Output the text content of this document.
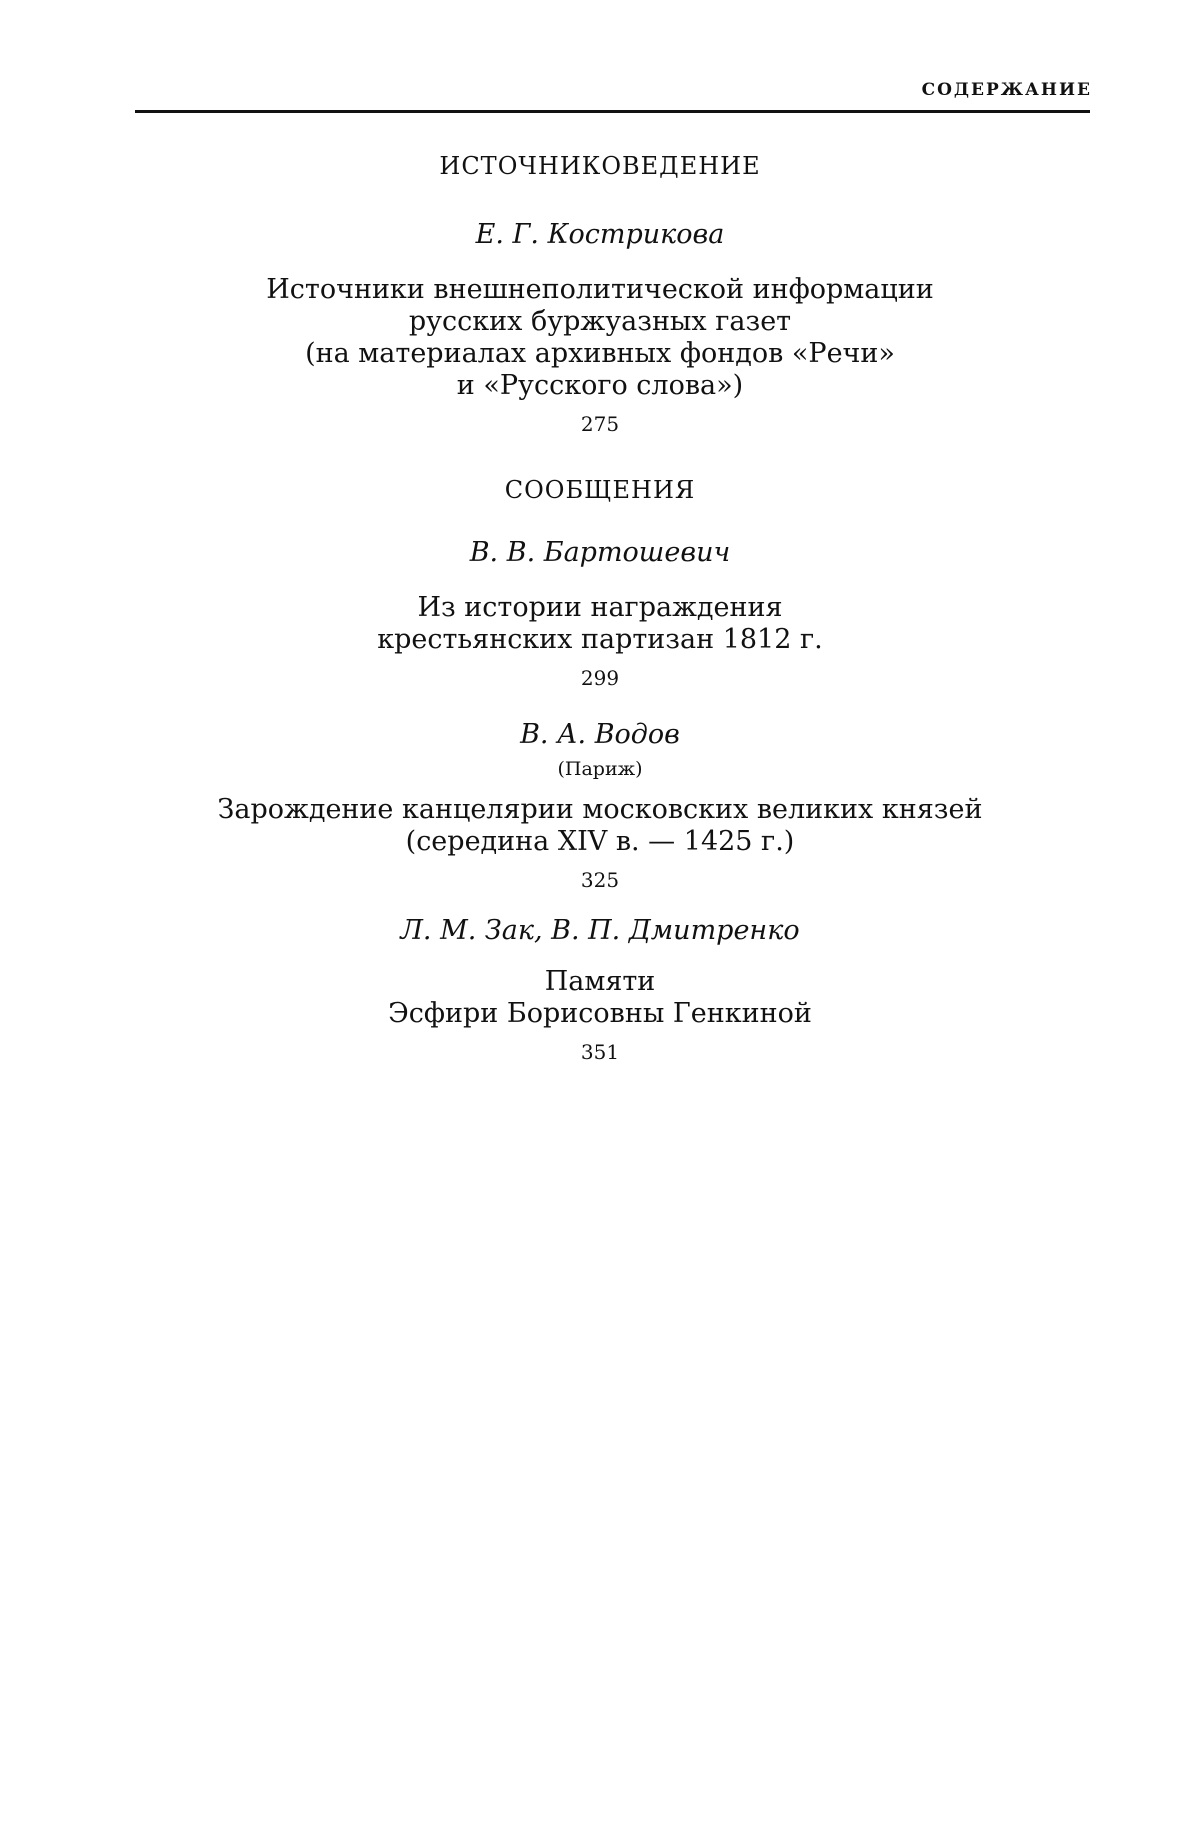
СОДЕРЖАНИЕ

ИСТОЧНИКОВЕДЕНИЕ

Е. Г. Кострикова

Источники внешнеполитической информации

русских буржуазных газет

(на материалах архивных фондов «Речи»

и «Русского слова»)

275

СООБЩЕНИЯ

В. В. Бартошевич

Из истории награждения

крестьянских партизан 1812 г.

299

В. А. Водов

(Париж)

Зарождение канцелярии московских великих князей

(середина XIV в. — 1425 г.)

325

Л. М. Зак, В. П. Дмитренко

Памяти

Эсфири Борисовны Генкиной

351
